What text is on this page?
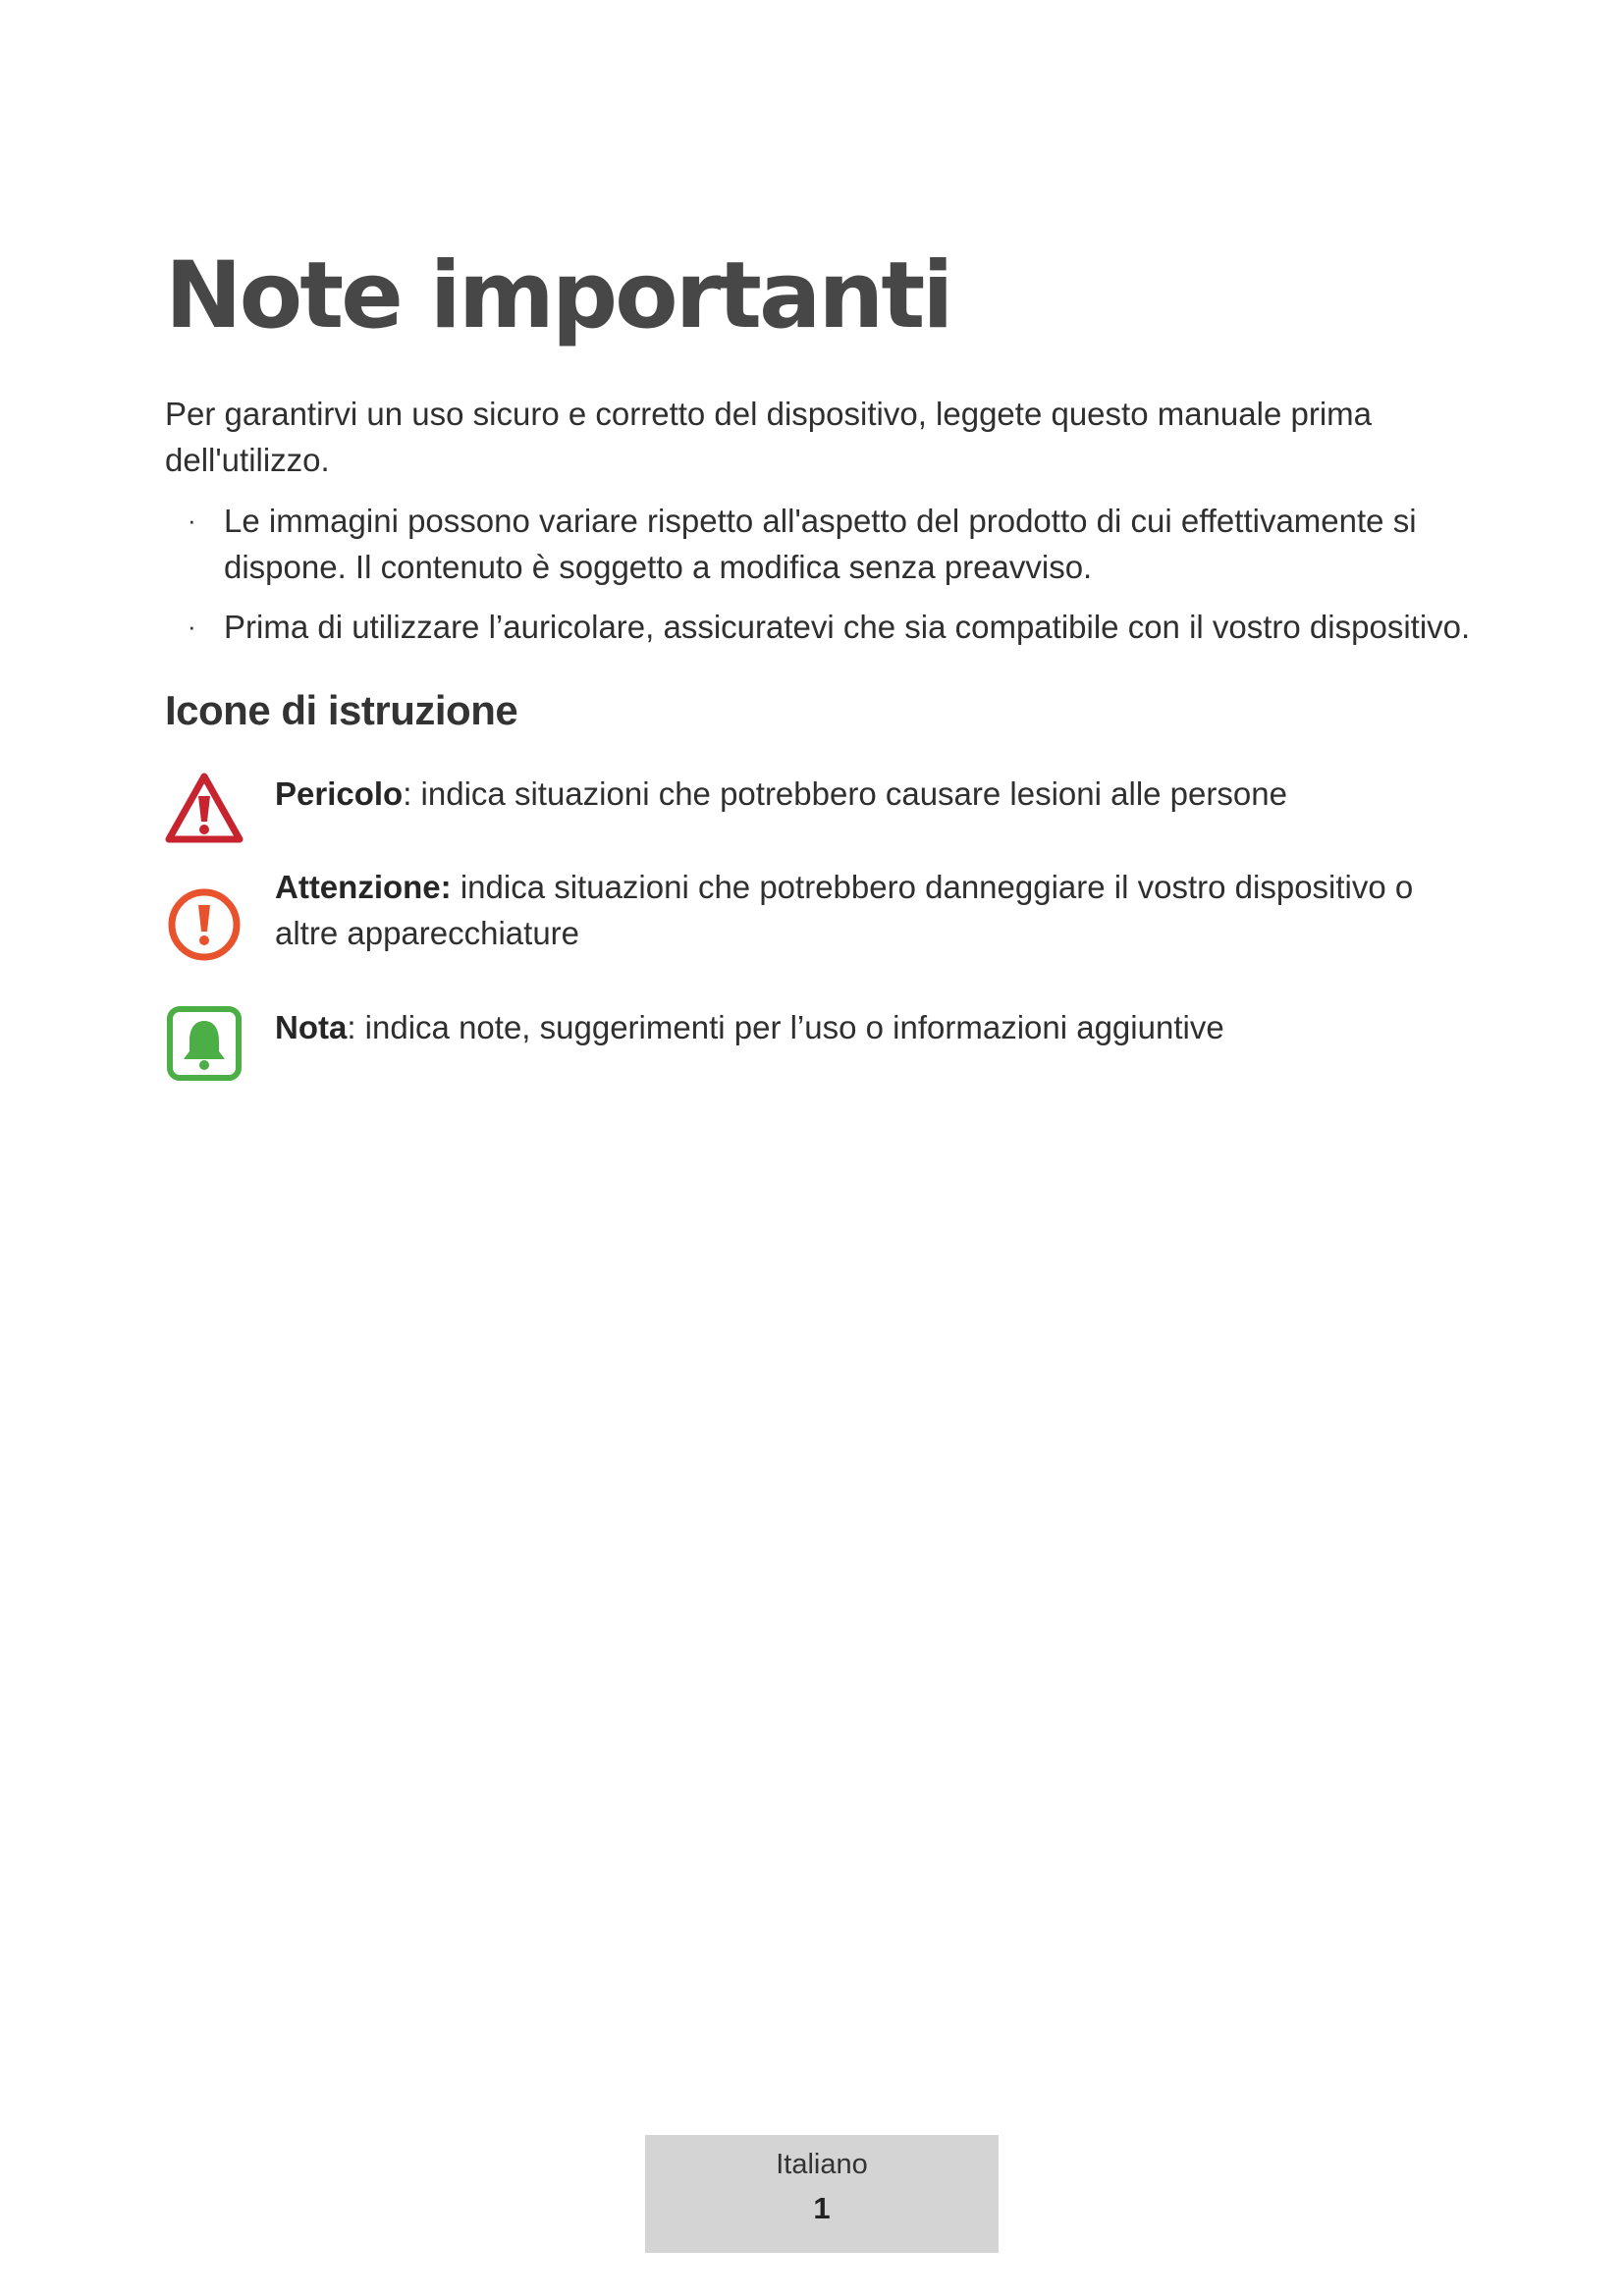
Note importanti

Per garantirvi un uso sicuro e corretto del dispositivo, leggete questo manuale prima dell'utilizzo.

· Le immagini possono variare rispetto all'aspetto del prodotto di cui effettivamente si dispone. Il contenuto è soggetto a modifica senza preavviso.
· Prima di utilizzare l’auricolare, assicuratevi che sia compatibile con il vostro dispositivo.
Icone di istruzione
Pericolo: indica situazioni che potrebbero causare lesioni alle persone
Attenzione: indica situazioni che potrebbero danneggiare il vostro dispositivo o altre apparecchiature
Nota: indica note, suggerimenti per l’uso o informazioni aggiuntive
Italiano
1
